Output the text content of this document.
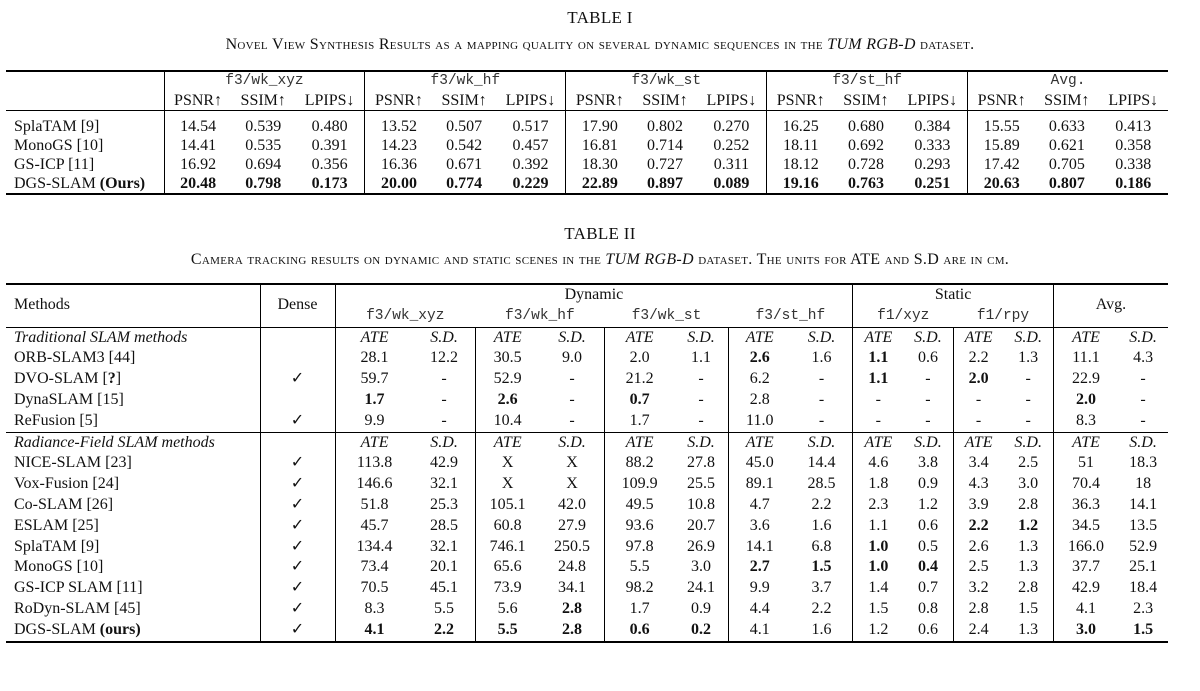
TABLE I
Novel View Synthesis Results as a mapping quality on several dynamic sequences in the TUM RGB-D dataset.
	f3/wk_xyz			f3/wk_hf			f3/wk_st			f3/st_hf			Avg.		
	PSNR↑	SSIM↑	LPIPS↓	PSNR↑	SSIM↑	LPIPS↓	PSNR↑	SSIM↑	LPIPS↓	PSNR↑	SSIM↑	LPIPS↓	PSNR↑	SSIM↑	LPIPS↓

SplaTAM [9]	14.54	0.539	0.480	13.52	0.507	0.517	17.90	0.802	0.270	16.25	0.680	0.384	15.55	0.633	0.413
MonoGS [10]	14.41	0.535	0.391	14.23	0.542	0.457	16.81	0.714	0.252	18.11	0.692	0.333	15.89	0.621	0.358
GS-ICP [11]	16.92	0.694	0.356	16.36	0.671	0.392	18.30	0.727	0.311	18.12	0.728	0.293	17.42	0.705	0.338
DGS-SLAM (Ours)	20.48	0.798	0.173	20.00	0.774	0.229	22.89	0.897	0.089	19.16	0.763	0.251	20.63	0.807	0.186
TABLE II
Camera tracking results on dynamic and static scenes in the TUM RGB-D dataset. The units for ATE and S.D are in cm.
Methods	Dense	Dynamic								Static				Avg.	
		f3/wk_xyz		f3/wk_hf		f3/wk_st		f3/st_hf		f1/xyz		f1/rpy			
Traditional SLAM methods		ATE	S.D.	ATE	S.D.	ATE	S.D.	ATE	S.D.	ATE	S.D.	ATE	S.D.	ATE	S.D.
ORB-SLAM3 [44]		28.1	12.2	30.5	9.0	2.0	1.1	2.6	1.6	1.1	0.6	2.2	1.3	11.1	4.3
DVO-SLAM [?]	✓	59.7	-	52.9	-	21.2	-	6.2	-	1.1	-	2.0	-	22.9	-
DynaSLAM [15]		1.7	-	2.6	-	0.7	-	2.8	-	-	-	-	-	2.0	-
ReFusion [5]	✓	9.9	-	10.4	-	1.7	-	11.0	-	-	-	-	-	8.3	-
Radiance-Field SLAM methods		ATE	S.D.	ATE	S.D.	ATE	S.D.	ATE	S.D.	ATE	S.D.	ATE	S.D.	ATE	S.D.
NICE-SLAM [23]	✓	113.8	42.9	X	X	88.2	27.8	45.0	14.4	4.6	3.8	3.4	2.5	51	18.3
Vox-Fusion [24]	✓	146.6	32.1	X	X	109.9	25.5	89.1	28.5	1.8	0.9	4.3	3.0	70.4	18
Co-SLAM [26]	✓	51.8	25.3	105.1	42.0	49.5	10.8	4.7	2.2	2.3	1.2	3.9	2.8	36.3	14.1
ESLAM [25]	✓	45.7	28.5	60.8	27.9	93.6	20.7	3.6	1.6	1.1	0.6	2.2	1.2	34.5	13.5
SplaTAM [9]	✓	134.4	32.1	746.1	250.5	97.8	26.9	14.1	6.8	1.0	0.5	2.6	1.3	166.0	52.9
MonoGS [10]	✓	73.4	20.1	65.6	24.8	5.5	3.0	2.7	1.5	1.0	0.4	2.5	1.3	37.7	25.1
GS-ICP SLAM [11]	✓	70.5	45.1	73.9	34.1	98.2	24.1	9.9	3.7	1.4	0.7	3.2	2.8	42.9	18.4
RoDyn-SLAM [45]	✓	8.3	5.5	5.6	2.8	1.7	0.9	4.4	2.2	1.5	0.8	2.8	1.5	4.1	2.3
DGS-SLAM (ours)	✓	4.1	2.2	5.5	2.8	0.6	0.2	4.1	1.6	1.2	0.6	2.4	1.3	3.0	1.5
